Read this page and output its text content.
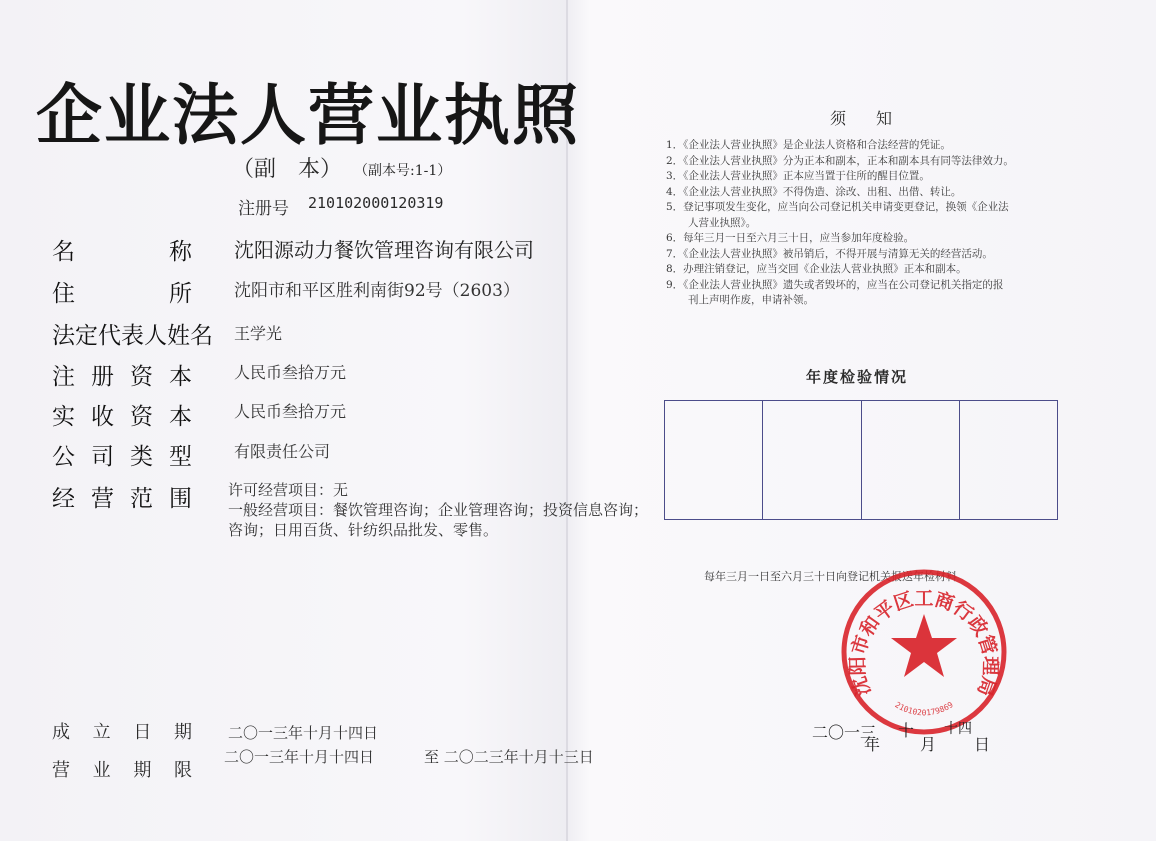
企业法人营业执照
（副　本） （副本号:1-1）
注册号 210102000120319
名	称 沈阳源动力餐饮管理咨询有限公司
住	所 沈阳市和平区胜利南街92号（2603）
法 定 代 表 人 姓 名 王学光
注 册 资 本	人民币叁拾万元
实 收 资 本	人民币叁拾万元
公 司 类 型	有限责任公司
经 营 范 围 许可经营项目：无
一般经营项目：餐饮管理咨询；企业管理咨询；投资信息咨询；
咨询；日用百货、针纺织品批发、零售。
成 立 日 期 二〇一三年十月十四日
营 业 期 限
二〇一三年十月十四日	至 二〇二三年十月十三日
须知
1．《企业法人营业执照》是企业法人资格和合法经营的凭证。
2．《企业法人营业执照》分为正本和副本，正本和副本具有同等法律效力。
3．《企业法人营业执照》正本应当置于住所的醒目位置。
4．《企业法人营业执照》不得伪造、涂改、出租、出借、转让。
5．登记事项发生变化，应当向公司登记机关申请变更登记，换领《企业法
人营业执照》。
6．每年三月一日至六月三十日，应当参加年度检验。
7．《企业法人营业执照》被吊销后，不得开展与清算无关的经营活动。
8．办理注销登记，应当交回《企业法人营业执照》正本和副本。
9．《企业法人营业执照》遗失或者毁坏的，应当在公司登记机关指定的报
刊上声明作废，申请补领。
年度检验情况
每年三月一日至六月三十日向登记机关报送年检材料
沈阳市和平区工商行政管理局
2101020179869
二〇一三
年
十
月
十四
日
